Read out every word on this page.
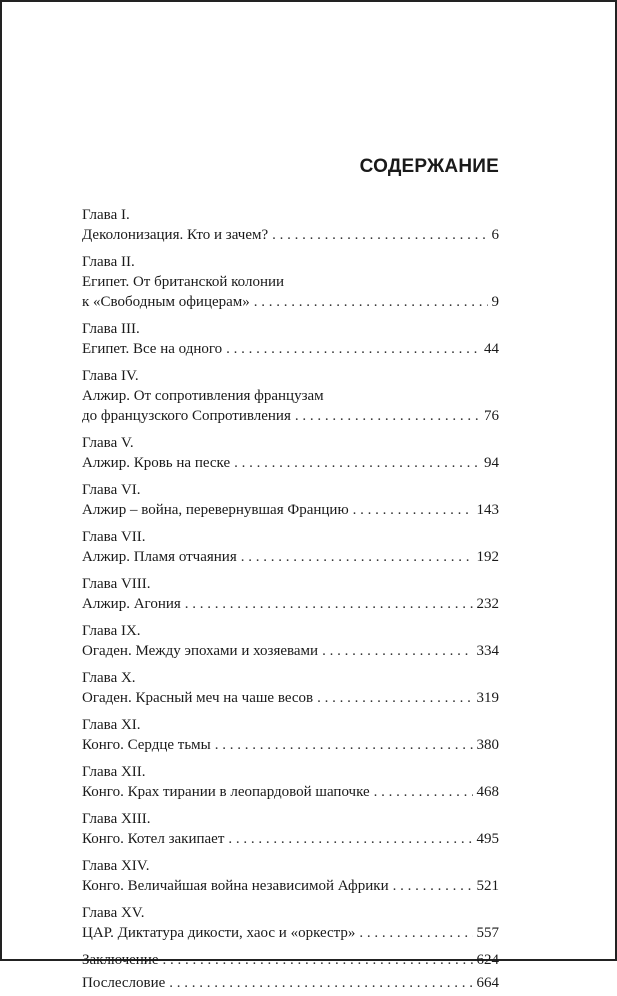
СОДЕРЖАНИЕ
Глава I.
Деколонизация. Кто и зачем? . . .	6
Глава II.
Египет. От британской колонии
к «Свободным офицерам» . . .	9
Глава III.
Египет. Все на одного . . .	44
Глава IV.
Алжир. От сопротивления французам
до французского Сопротивления . . .	76
Глава V.
Алжир. Кровь на песке . . .	94
Глава VI.
Алжир – война, перевернувшая Францию . . .	143
Глава VII.
Алжир. Пламя отчаяния . . .	192
Глава VIII.
Алжир. Агония . . .	232
Глава IX.
Огаден. Между эпохами и хозяевами . . .	334
Глава X.
Огаден. Красный меч на чаше весов . . .	319
Глава XI.
Конго. Сердце тьмы . . .	380
Глава XII.
Конго. Крах тирании в леопардовой шапочке . . .	468
Глава XIII.
Конго. Котел закипает . . .	495
Глава XIV.
Конго. Величайшая война независимой Африки . . .	521
Глава XV.
ЦАР. Диктатура дикости, хаос и «оркестр» . . .	557
Заключение . . .	624
Послесловие . . .	664
